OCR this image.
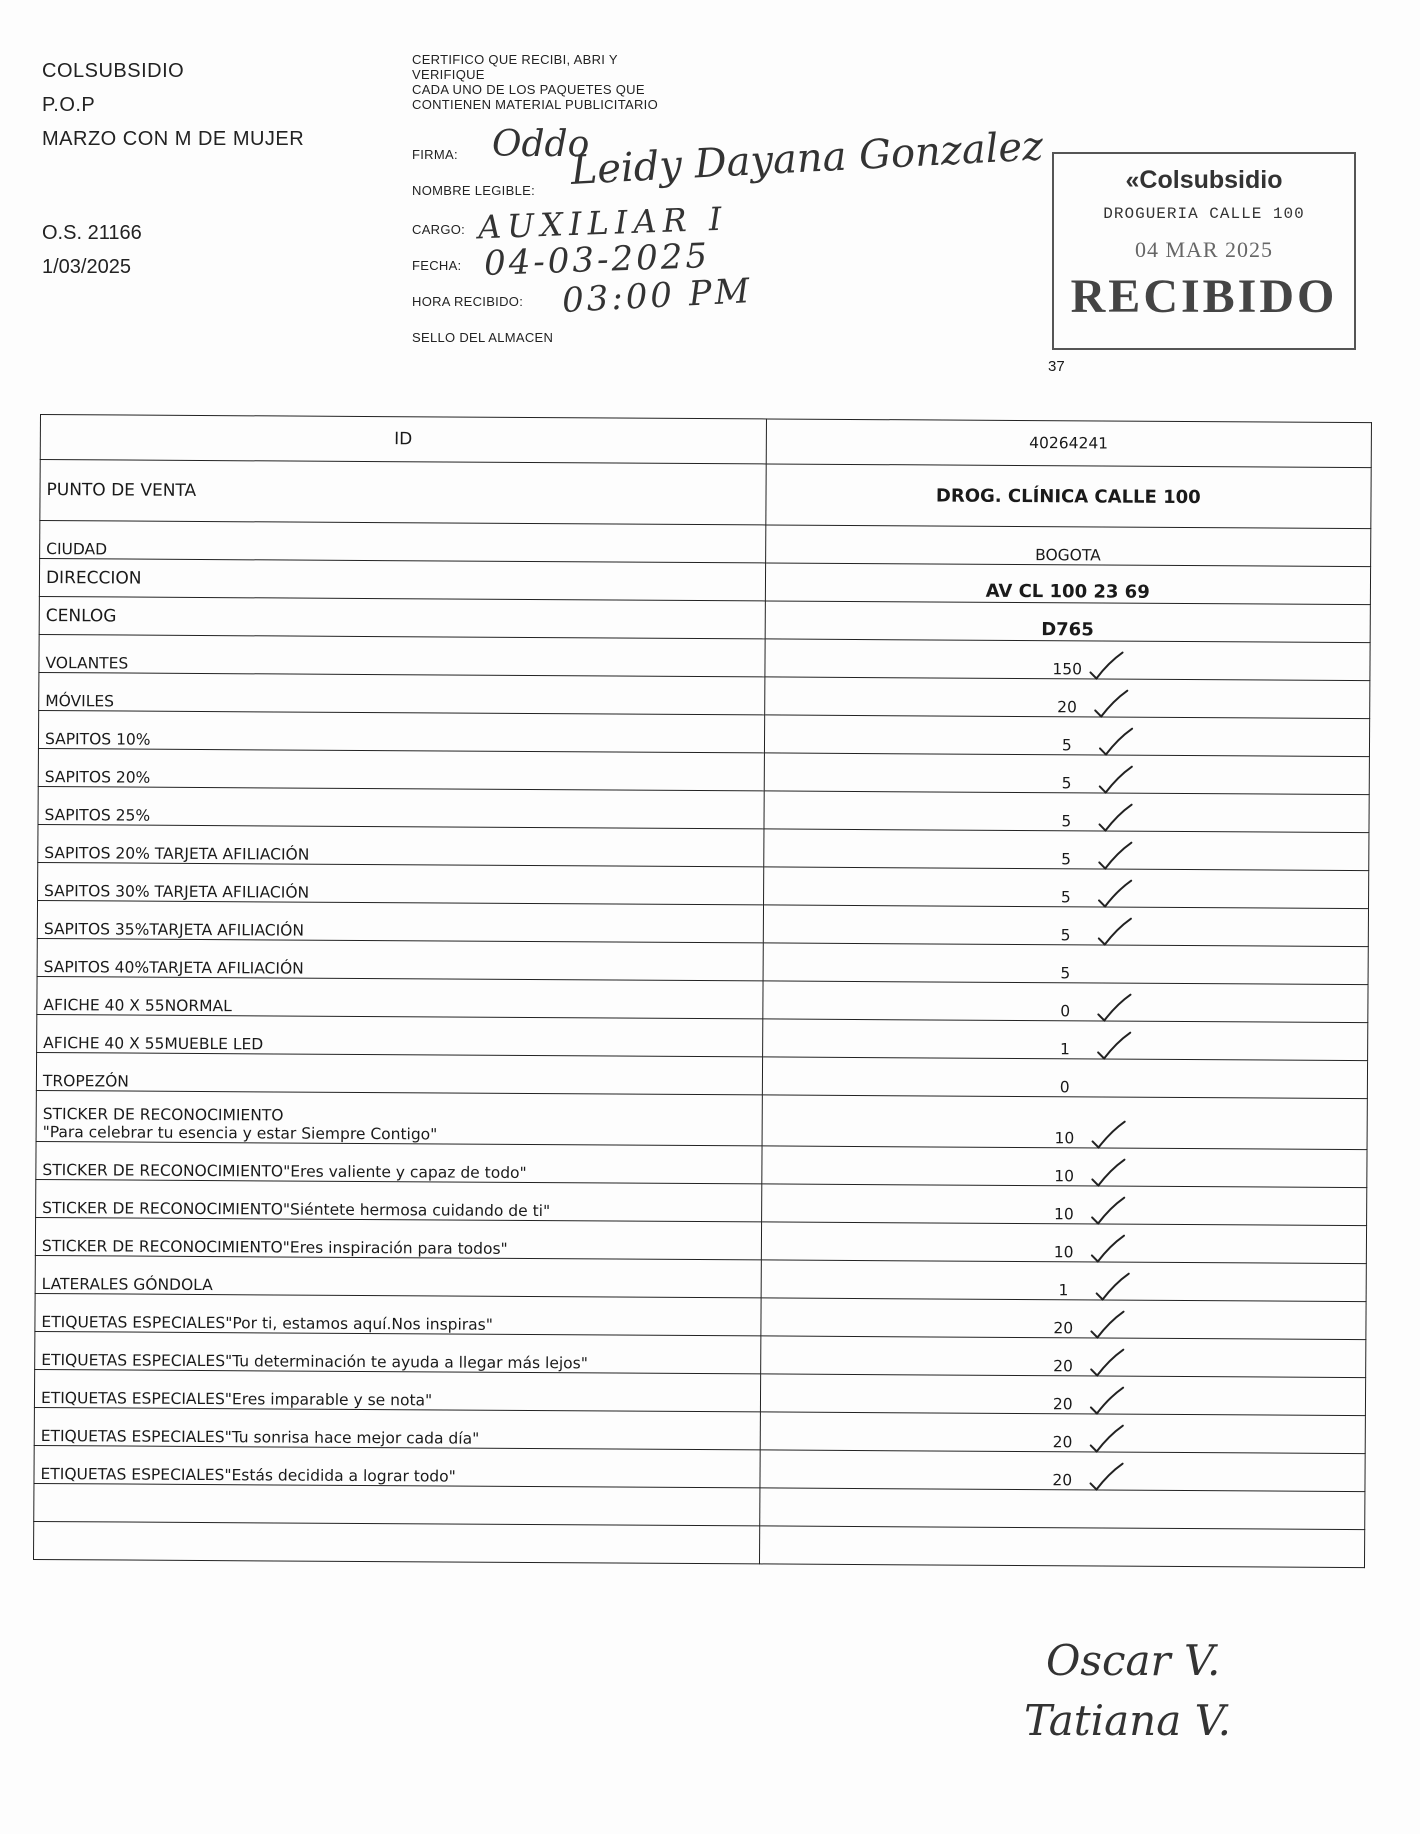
COLSUBSIDIO
P.O.P
MARZO CON M DE MUJER
O.S. 21166
1/03/2025
CERTIFICO QUE RECIBI, ABRI Y
VERIFIQUE
CADA UNO DE LOS PAQUETES QUE
CONTIENEN MATERIAL PUBLICITARIO
FIRMA: Oddo
NOMBRE LEGIBLE: Leidy Dayana Gonzalez
CARGO: AUXILIAR I
FECHA: 04-03-2025
HORA RECIBIDO: 03:00 PM
SELLO DEL ALMACEN
«Colsubsidio
DROGUERIA CALLE 100
04 MAR 2025
RECIBIDO
37
ID	40264241
PUNTO DE VENTA	DROG. CLÍNICA CALLE 100
CIUDAD	BOGOTA
DIRECCION	AV CL 100 23 69
CENLOG	D765
VOLANTES	150

MÓVILES	20

SAPITOS 10%	5

SAPITOS 20%	5

SAPITOS 25%	5

SAPITOS 20% TARJETA AFILIACIÓN	5

SAPITOS 30% TARJETA AFILIACIÓN	5

SAPITOS 35%TARJETA AFILIACIÓN	5

SAPITOS 40%TARJETA AFILIACIÓN	5
AFICHE 40 X 55NORMAL	0

AFICHE 40 X 55MUEBLE LED	1

TROPEZÓN	0
STICKER DE RECONOCIMIENTO
"Para celebrar tu esencia y estar Siempre Contigo"	10

STICKER DE RECONOCIMIENTO"Eres valiente y capaz de todo"	10

STICKER DE RECONOCIMIENTO"Siéntete hermosa cuidando de ti"	10

STICKER DE RECONOCIMIENTO"Eres inspiración para todos"	10

LATERALES GÓNDOLA	1

ETIQUETAS ESPECIALES"Por ti, estamos aquí.Nos inspiras"	20

ETIQUETAS ESPECIALES"Tu determinación te ayuda a llegar más lejos"	20

ETIQUETAS ESPECIALES"Eres imparable y se nota"	20

ETIQUETAS ESPECIALES"Tu sonrisa hace mejor cada día"	20

ETIQUETAS ESPECIALES"Estás decidida a lograr todo"	20

Oscar V.
Tatiana V.
